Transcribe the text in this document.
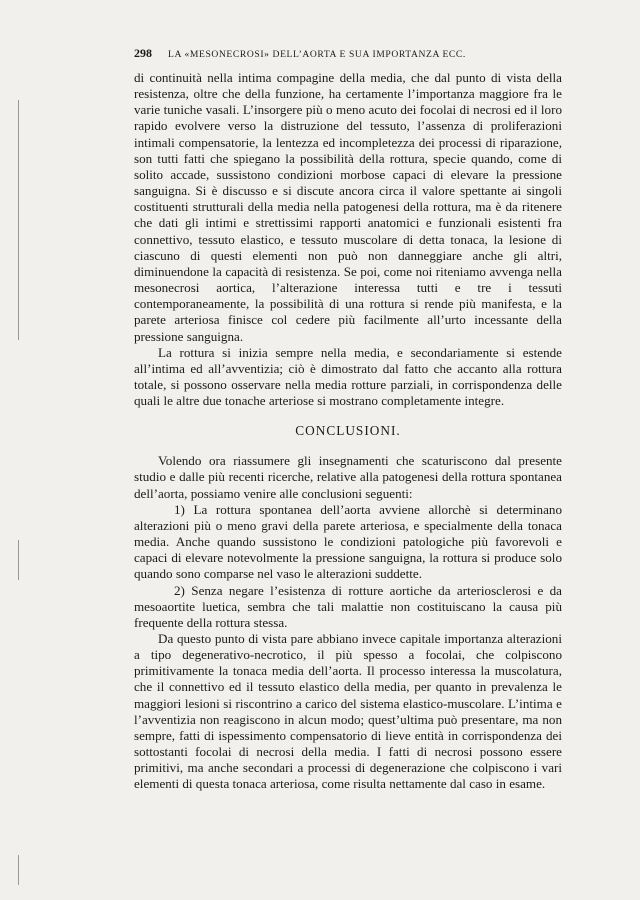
298 LA «MESONECROSI» DELL’AORTA E SUA IMPORTANZA ECC.

di continuità nella intima compagine della media, che dal punto di vista della resistenza, oltre che della funzione, ha certamente l’importanza maggiore fra le varie tuniche vasali. L’insorgere più o meno acuto dei focolai di necrosi ed il loro rapido evolvere verso la distruzione del tessuto, l’assenza di proliferazioni intimali compensatorie, la lentezza ed incompletezza dei processi di riparazione, son tutti fatti che spiegano la possibilità della rottura, specie quando, come di solito accade, sussistono condizioni morbose capaci di elevare la pressione sanguigna. Si è discusso e si discute ancora circa il valore spettante ai singoli costituenti strutturali della media nella patogenesi della rottura, ma è da ritenere che dati gli intimi e strettissimi rapporti anatomici e funzionali esistenti fra connettivo, tessuto elastico, e tessuto muscolare di detta tonaca, la lesione di ciascuno di questi elementi non può non danneggiare anche gli altri, diminuendone la capacità di resistenza. Se poi, come noi riteniamo avvenga nella mesonecrosi aortica, l’alterazione interessa tutti e tre i tessuti contemporaneamente, la possibilità di una rottura si rende più manifesta, e la parete arteriosa finisce col cedere più facilmente all’urto incessante della pressione sanguigna.

La rottura si inizia sempre nella media, e secondariamente si estende all’intima ed all’avventizia; ciò è dimostrato dal fatto che accanto alla rottura totale, si possono osservare nella media rotture parziali, in corrispondenza delle quali le altre due tonache arteriose si mostrano completamente integre.

CONCLUSIONI.

Volendo ora riassumere gli insegnamenti che scaturiscono dal presente studio e dalle più recenti ricerche, relative alla patogenesi della rottura spontanea dell’aorta, possiamo venire alle conclusioni seguenti:

1) La rottura spontanea dell’aorta avviene allorchè si determinano alterazioni più o meno gravi della parete arteriosa, e specialmente della tonaca media. Anche quando sussistono le condizioni patologiche più favorevoli e capaci di elevare notevolmente la pressione sanguigna, la rottura si produce solo quando sono comparse nel vaso le alterazioni suddette.

2) Senza negare l’esistenza di rotture aortiche da arteriosclerosi e da mesoaortite luetica, sembra che tali malattie non costituiscano la causa più frequente della rottura stessa.

Da questo punto di vista pare abbiano invece capitale importanza alterazioni a tipo degenerativo-necrotico, il più spesso a focolai, che colpiscono primitivamente la tonaca media dell’aorta. Il processo interessa la muscolatura, che il connettivo ed il tessuto elastico della media, per quanto in prevalenza le maggiori lesioni si riscontrino a carico del sistema elastico-muscolare. L’intima e l’avventizia non reagiscono in alcun modo; quest’ultima può presentare, ma non sempre, fatti di ispessimento compensatorio di lieve entità in corrispondenza dei sottostanti focolai di necrosi della media. I fatti di necrosi possono essere primitivi, ma anche secondari a processi di degenerazione che colpiscono i vari elementi di questa tonaca arteriosa, come risulta nettamente dal caso in esame.
